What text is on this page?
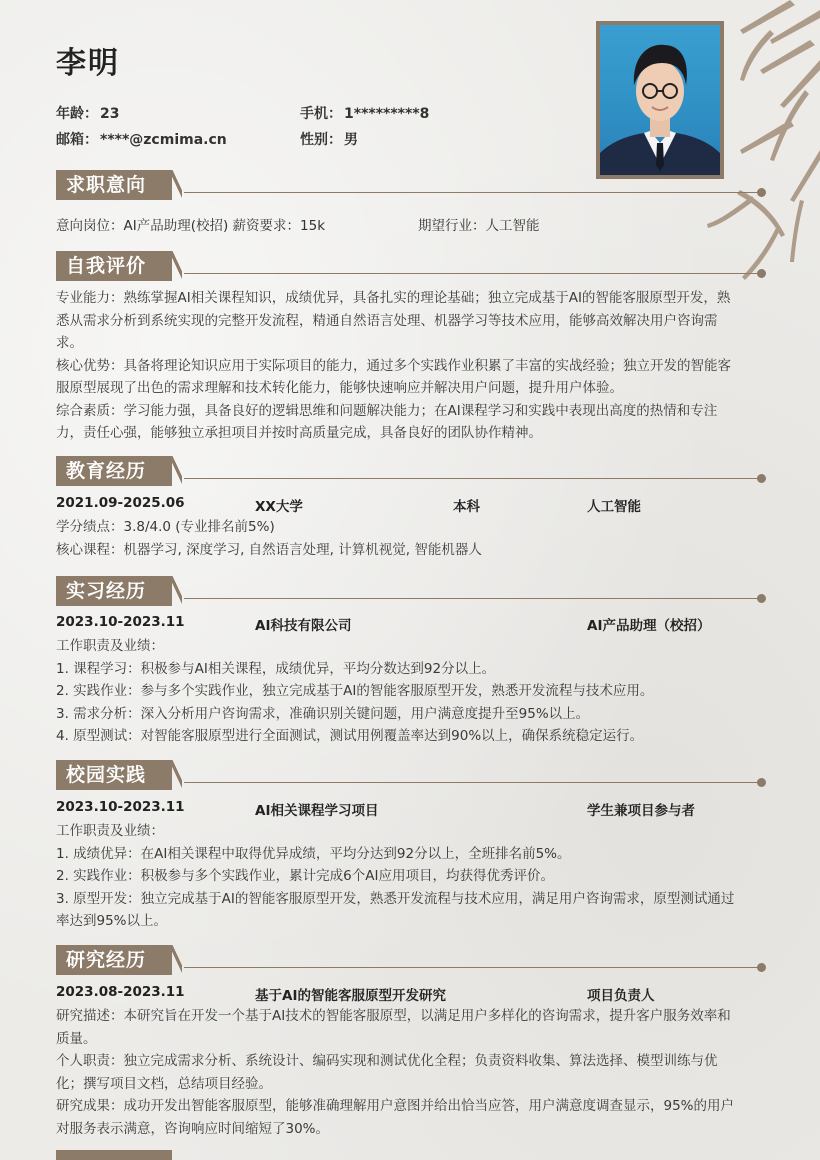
李明
年龄： 23	手机： 1*********8
邮箱： ****@zcmima.cn	性别： 男
求职意向
意向岗位：AI产品助理(校招) 薪资要求：15k	期望行业：人工智能
自我评价
专业能力：熟练掌握AI相关课程知识，成绩优异，具备扎实的理论基础；独立完成基于AI的智能客服原型开发，熟
悉从需求分析到系统实现的完整开发流程，精通自然语言处理、机器学习等技术应用，能够高效解决用户咨询需
求。
核心优势：具备将理论知识应用于实际项目的能力，通过多个实践作业积累了丰富的实战经验；独立开发的智能客
服原型展现了出色的需求理解和技术转化能力，能够快速响应并解决用户问题，提升用户体验。
综合素质：学习能力强，具备良好的逻辑思维和问题解决能力；在AI课程学习和实践中表现出高度的热情和专注
力，责任心强，能够独立承担项目并按时高质量完成，具备良好的团队协作精神。
教育经历
2021.09-2025.06	XX大学	本科	人工智能
学分绩点：3.8/4.0 (专业排名前5%)
核心课程：机器学习, 深度学习, 自然语言处理, 计算机视觉, 智能机器人
实习经历
2023.10-2023.11	AI科技有限公司	AI产品助理（校招）
工作职责及业绩：
1. 课程学习：积极参与AI相关课程，成绩优异，平均分数达到92分以上。
2. 实践作业：参与多个实践作业，独立完成基于AI的智能客服原型开发，熟悉开发流程与技术应用。
3. 需求分析：深入分析用户咨询需求，准确识别关键问题，用户满意度提升至95%以上。
4. 原型测试：对智能客服原型进行全面测试，测试用例覆盖率达到90%以上，确保系统稳定运行。
校园实践
2023.10-2023.11	AI相关课程学习项目	学生兼项目参与者
工作职责及业绩：
1. 成绩优异：在AI相关课程中取得优异成绩，平均分达到92分以上，全班排名前5%。
2. 实践作业：积极参与多个实践作业，累计完成6个AI应用项目，均获得优秀评价。
3. 原型开发：独立完成基于AI的智能客服原型开发，熟悉开发流程与技术应用，满足用户咨询需求，原型测试通过
率达到95%以上。
研究经历
2023.08-2023.11	基于AI的智能客服原型开发研究	项目负责人
研究描述：本研究旨在开发一个基于AI技术的智能客服原型，以满足用户多样化的咨询需求，提升客户服务效率和
质量。
个人职责：独立完成需求分析、系统设计、编码实现和测试优化全程；负责资料收集、算法选择、模型训练与优
化；撰写项目文档，总结项目经验。
研究成果：成功开发出智能客服原型，能够准确理解用户意图并给出恰当应答，用户满意度调查显示，95%的用户
对服务表示满意，咨询响应时间缩短了30%。
